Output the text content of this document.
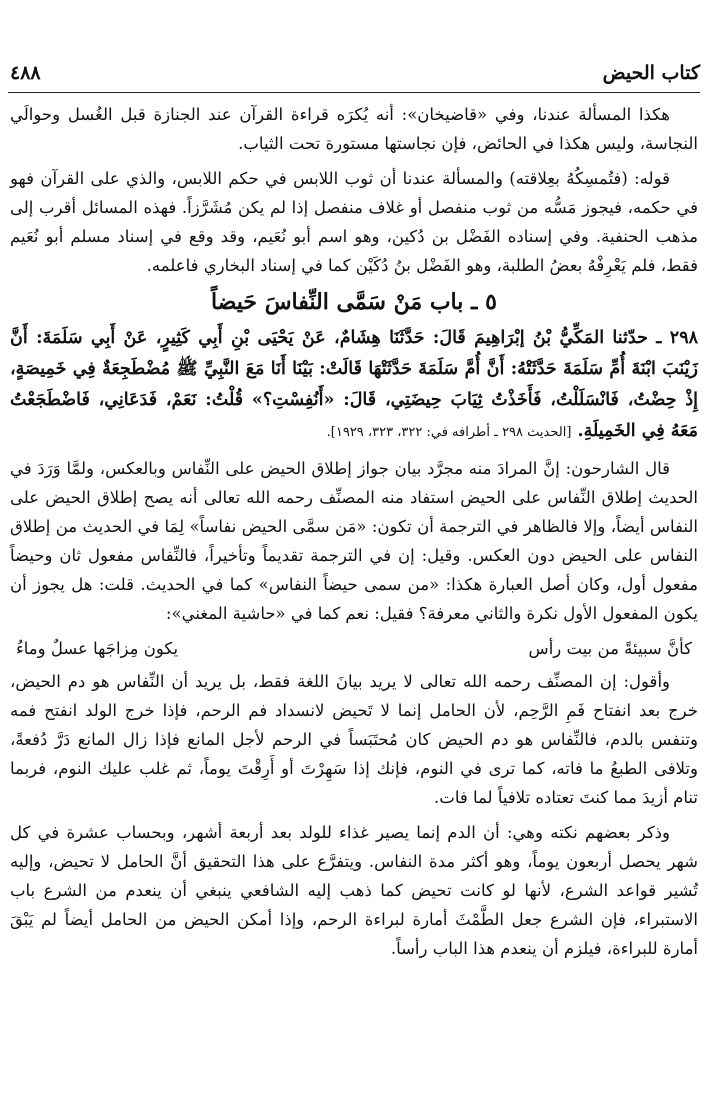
كتاب الحيض
٤٨٨

هكذا المسألة عندنا، وفي «قاضيخان»: أنه يُكرَه قراءة القرآن عند الجنازة قبل الغُسل وحوالَي النجاسة، وليس هكذا في الحائض، فإن نجاستها مستورة تحت الثياب.

قوله: (فتُمسِكُهُ بعِلاقته) والمسألة عندنا أن ثوب اللابس في حكم اللابس، والذي على القرآن فهو في حكمه، فيجوز مَسُّه من ثوب منفصل أو غلاف منفصل إذا لم يكن مُشَرَّزاً. فهذه المسائل أقرب إلى مذهب الحنفية. وفي إسناده الفَضْل بن دُكين، وهو اسم أبو نُعَيم، وقد وقع في إسناد مسلم أبو نُعَيم فقط، فلم يَعْرِفْهُ بعضُ الطلبة، وهو الفَضْل بنُ دُكَيْن كما في إسناد البخاري فاعلمه.

٥ ـ باب مَنْ سَمَّى النِّفاسَ حَيضاً

٢٩٨ ـ حدّثنا المَكِّيُّ بْنُ إبْرَاهِيمَ قَالَ: حَدَّثَنَا هِشَامٌ، عَنْ يَحْيَى بْنِ أَبِي كَثِيرٍ، عَنْ أَبِي سَلَمَةَ: أَنَّ زَيْنَبَ ابْنَةَ أُمِّ سَلَمَةَ حَدَّثَتْهُ: أَنَّ أُمَّ سَلَمَةَ حَدَّثَتْهَا قَالَتْ: بَيْنَا أَنَا مَعَ النَّبِيِّ ﷺ مُضْطَجِعَةٌ فِي خَمِيصَةٍ، إِذْ حِضْتُ، فَانْسَلَلْتُ، فَأَخَذْتُ ثِيَابَ حِيضَتِي، قَالَ: «أَنُفِسْتِ؟» قُلْتُ: نَعَمْ، فَدَعَانِي، فَاضْطَجَعْتُ مَعَهُ فِي الخَمِيلَةِ. [الحديث ٢٩٨ ـ أطرافه في: ٣٢٢، ٣٢٣، ١٩٢٩].

قال الشارحون: إنَّ المرادَ منه مجرَّد بيان جواز إطلاق الحيض على النِّفاس وبالعكس، ولمَّا وَرَدَ في الحديث إطلاق النِّفاس على الحيض استفاد منه المصنِّف رحمه الله تعالى أنه يصح إطلاق الحيض على النفاس أيضاً، وإلا فالظاهر في الترجمة أن تكون: «مَن سمَّى الحيض نفاساً» لِمَا في الحديث من إطلاق النفاس على الحيض دون العكس. وقيل: إن في الترجمة تقديماً وتأخيراً، فالنِّفاس مفعول ثان وحيضاً مفعول أول، وكان أصل العبارة هكذا: «من سمى حيضاً النفاس» كما في الحديث. قلت: هل يجوز أن يكون المفعول الأول نكرة والثاني معرفة؟ فقيل: نعم كما في «حاشية المغني»:

كأنَّ سبيئةً من بيت رأس
يكون مِزاجَها عسلٌ وماءُ

وأقول: إن المصنِّف رحمه الله تعالى لا يريد بيانَ اللغة فقط، بل يريد أن النِّفاس هو دم الحيض، خرج بعد انفتاح فَمِ الرَّحِم، لأن الحامل إنما لا تَحيض لانسداد فم الرحم، فإذا خرج الولد انفتح فمه وتنفس بالدم، فالنِّفاس هو دم الحيض كان مُحتَبَساً في الرحم لأجل المانع فإذا زال المانع دَرَّ دُفعةً، وتلافى الطبعُ ما فاته، كما ترى في النوم، فإنك إذا سَهِرْتَ أو أَرِقْتَ يوماً، ثم غلب عليك النوم، فربما تنام أزيدَ مما كنتَ تعتاده تلافياً لما فات.

وذكر بعضهم نكته وهي: أن الدم إنما يصير غذاء للولد بعد أربعة أشهر، وبحساب عشرة في كل شهر يحصل أربعون يوماً، وهو أكثر مدة النفاس. ويتفرَّع على هذا التحقيق أنَّ الحامل لا تحيض، وإليه تُشير قواعد الشرع، لأنها لو كانت تحيض كما ذهب إليه الشافعي ينبغي أن ينعدم من الشرع باب الاستبراء، فإن الشرع جعل الطَّمْثَ أمارة لبراءة الرحم، وإذا أمكن الحيض من الحامل أيضاً لم يَبْقَ أمارة للبراءة، فيلزم أن ينعدم هذا الباب رأساً.
